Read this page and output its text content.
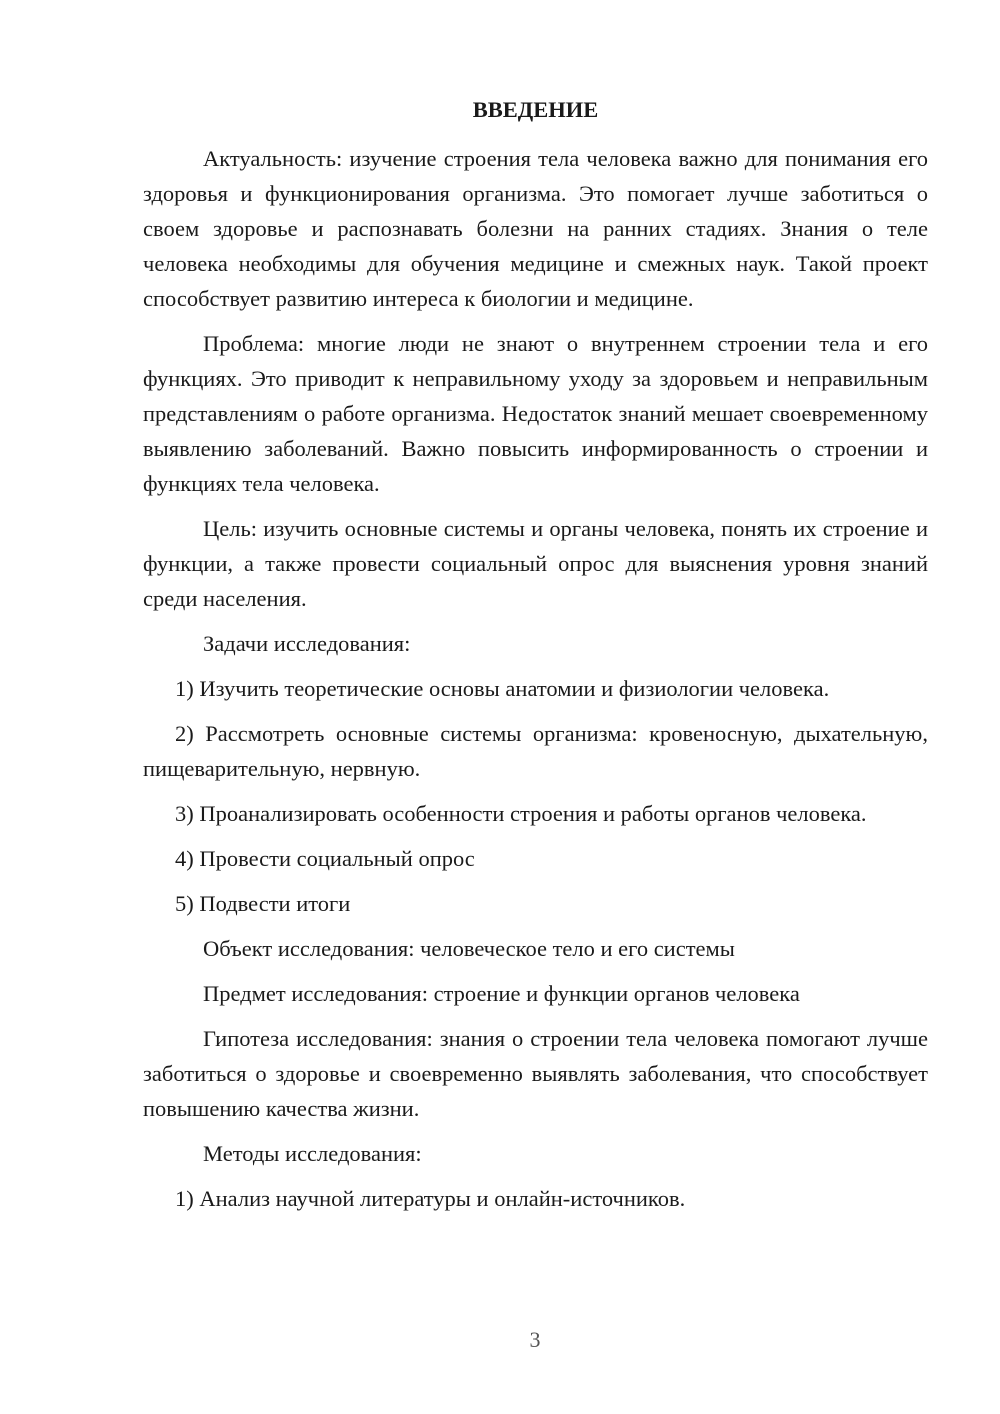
ВВЕДЕНИЕ

Актуальность: изучение строения тела человека важно для понимания его здоровья и функционирования организма. Это помогает лучше заботиться о своем здоровье и распознавать болезни на ранних стадиях. Знания о теле человека необходимы для обучения медицине и смежных наук. Такой проект способствует развитию интереса к биологии и медицине.

Проблема: многие люди не знают о внутреннем строении тела и его функциях. Это приводит к неправильному уходу за здоровьем и неправильным представлениям о работе организма. Недостаток знаний мешает своевременному выявлению заболеваний. Важно повысить информированность о строении и функциях тела человека.

Цель: изучить основные системы и органы человека, понять их строение и функции, а также провести социальный опрос для выяснения уровня знаний среди населения.

Задачи исследования:

1) Изучить теоретические основы анатомии и физиологии человека.

2) Рассмотреть основные системы организма: кровеносную, дыхательную, пищеварительную, нервную.

3) Проанализировать особенности строения и работы органов человека.

4) Провести социальный опрос

5) Подвести итоги

Объект исследования: человеческое тело и его системы

Предмет исследования: строение и функции органов человека

Гипотеза исследования: знания о строении тела человека помогают лучше заботиться о здоровье и своевременно выявлять заболевания, что способствует повышению качества жизни.

Методы исследования:

1) Анализ научной литературы и онлайн-источников.

3
